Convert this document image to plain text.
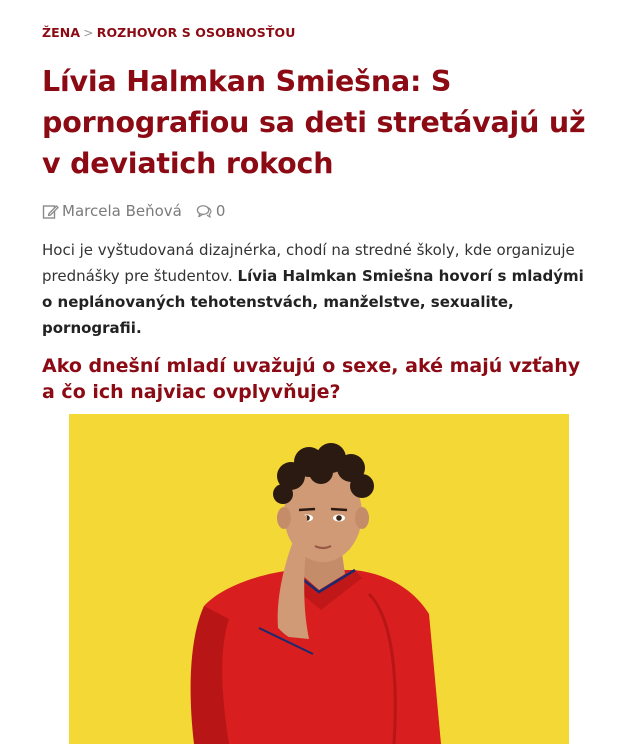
ŽENA > ROZHOVOR S OSOBNOSŤOU
Lívia Halmkan Smiešna: S pornografiou sa deti stretávajú už v deviatich rokoch
Marcela Beňová 0

Hoci je vyštudovaná dizajnérka, chodí na stredné školy, kde organizuje prednášky pre študentov. Lívia Halmkan Smiešna hovorí s mladými o neplánovaných tehotenstvách, manželstve, sexualite, pornografii.

Ako dnešní mladí uvažujú o sexe, aké majú vzťahy a čo ich najviac ovplyvňuje?
